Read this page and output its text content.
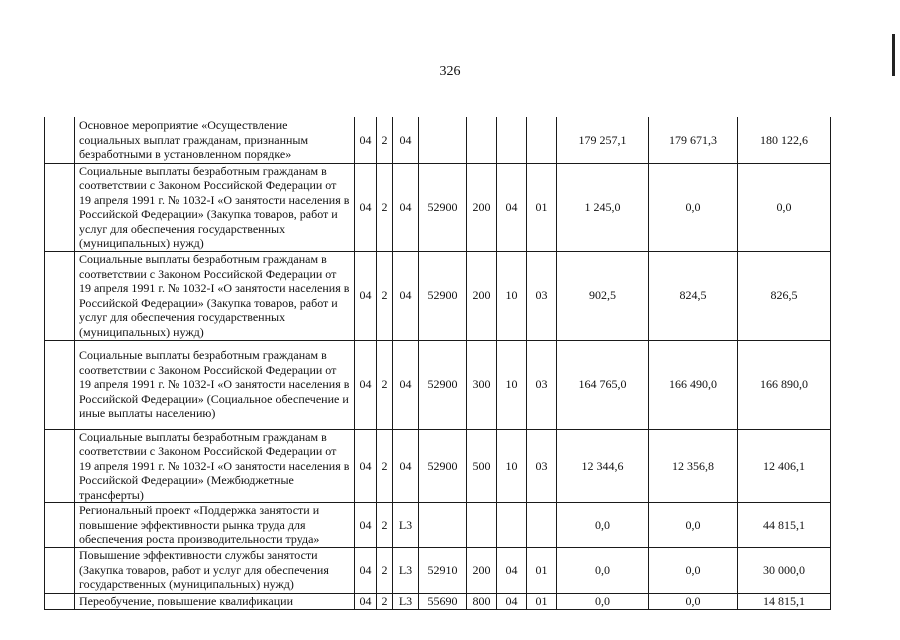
326
	Основное мероприятие «Осуществление социальных выплат гражданам, признанным безработными в установленном порядке»	04	2	04					179 257,1	179 671,3	180 122,6
	Социальные выплаты безработным гражданам в соответствии с Законом Российской Федерации от 19 апреля 1991 г. № 1032-I «О занятости населения в Российской Федерации» (Закупка товаров, работ и услуг для обеспечения государственных (муниципальных) нужд)	04	2	04	52900	200	04	01	1 245,0	0,0	0,0
	Социальные выплаты безработным гражданам в соответствии с Законом Российской Федерации от 19 апреля 1991 г. № 1032-I «О занятости населения в Российской Федерации» (Закупка товаров, работ и услуг для обеспечения государственных (муниципальных) нужд)	04	2	04	52900	200	10	03	902,5	824,5	826,5
	Социальные выплаты безработным гражданам в соответствии с Законом Российской Федерации от 19 апреля 1991 г. № 1032-I «О занятости населения в Российской Федерации» (Социальное обеспечение и иные выплаты населению)	04	2	04	52900	300	10	03	164 765,0	166 490,0	166 890,0
	Социальные выплаты безработным гражданам в соответствии с Законом Российской Федерации от 19 апреля 1991 г. № 1032-I «О занятости населения в Российской Федерации» (Межбюджетные трансферты)	04	2	04	52900	500	10	03	12 344,6	12 356,8	12 406,1
	Региональный проект «Поддержка занятости и повышение эффективности рынка труда для обеспечения роста производительности труда»	04	2	L3					0,0	0,0	44 815,1
	Повышение эффективности службы занятости (Закупка товаров, работ и услуг для обеспечения государственных (муниципальных) нужд)	04	2	L3	52910	200	04	01	0,0	0,0	30 000,0
	Переобучение, повышение квалификации	04	2	L3	55690	800	04	01	0,0	0,0	14 815,1
